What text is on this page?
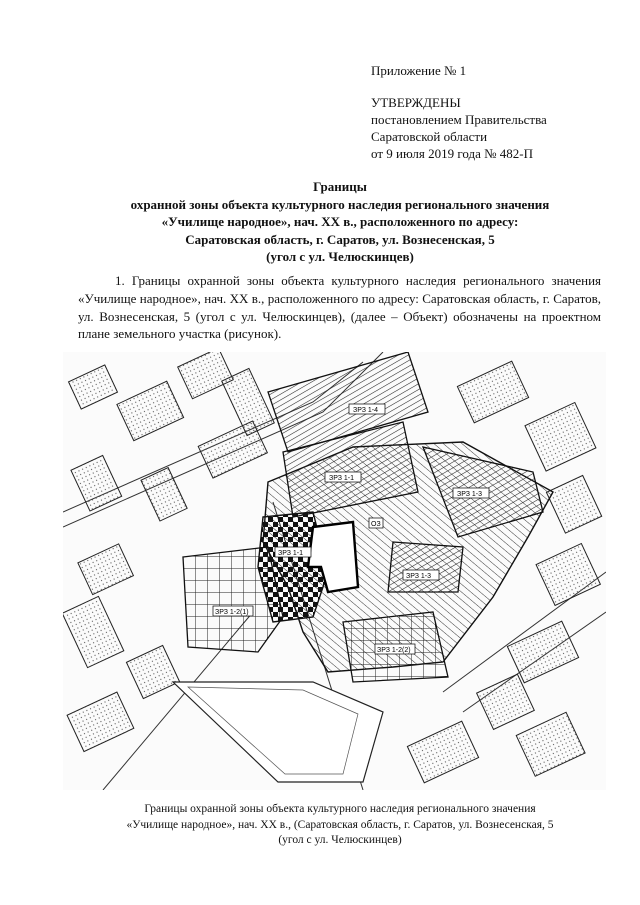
Приложение № 1
УТВЕРЖДЕНЫ
постановлением Правительства
Саратовской области
от 9 июля 2019 года № 482-П
Границы
охранной зоны объекта культурного наследия регионального значения
«Училище народное», нач. XX в., расположенного по адресу:
Саратовская область, г. Саратов, ул. Вознесенская, 5
(угол с ул. Челюскинцев)

1. Границы охранной зоны объекта культурного наследия регионального значения «Училище народное», нач. XX в., расположенного по адресу: Саратовская область, г. Саратов, ул. Вознесенская, 5 (угол с ул. Челюскинцев), (далее – Объект) обозначены на проектном плане земельного участка (рисунок).

ЗРЗ 1-4
ЗРЗ 1-1
ЗРЗ 1-3
ОЗ
ЗРЗ 1-1
ЗРЗ 1-2(1)
ЗРЗ 1-3
ЗРЗ 1-2(2)
Границы охранной зоны объекта культурного наследия регионального значения
«Училище народное», нач. XX в., (Саратовская область, г. Саратов, ул. Вознесенская, 5
(угол с ул. Челюскинцев)
